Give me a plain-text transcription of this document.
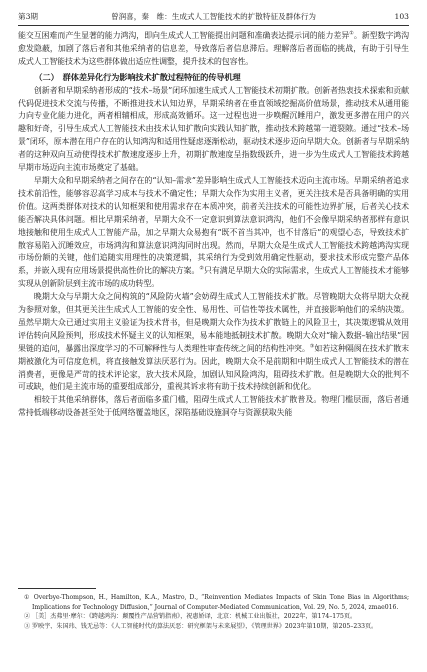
第3期	曾润喜，秦　维：生成式人工智能技术的扩散特征及群体行为	103

能交互困难而产生显著的能力鸿沟，即向生成式人工智能提出问题和准确表达提示词的能力差异①。新型数字鸿沟愈发隐蔽，加剧了落后者和其他采纳者的信息差，导致落后者信息滞后。理解落后者面临的挑战，有助于引导生成式人工智能技术为这些群体做出适应性调整，提升技术的包容性。

（二）　群体差异化行为影响技术扩散过程特征的传导机理

创新者和早期采纳者形成的“技术–场景”闭环加速生成式人工智能技术初期扩散。创新者热衷技术探索和贡献代码促进技术交流与传播，不断推进技术认知边界，早期采纳者在垂直领域挖掘高价值场景，推动技术从通用能力向专业化能力进化，两者相辅相成，形成高效循环。这一过程也进一步唤醒沉睡用户，激发更多潜在用户的兴趣和好奇，引导生成式人工智能技术由技术认知扩散向实践认知扩散，推动技术跨越第一道裂隙。通过“技术–场景”闭环，原本潜在用户存在的认知鸿沟和适用性疑虑逐渐松动，驱动技术逐步迈向早期大众。创新者与早期采纳者的这种双向互动使得技术扩散速度逐步上升，初期扩散速度呈指数级跃升，进一步为生成式人工智能技术跨越早期市场迈向主流市场奠定了基础。

早期大众和早期采纳者之间存在的“认知–需求”差异影响生成式人工智能技术迈向主流市场。早期采纳者追求技术前沿性，能够容忍高学习成本与技术不确定性；早期大众作为实用主义者，更关注技术是否具备明确的实用价值。这两类群体对技术的认知框架和使用需求存在本质冲突，前者关注技术的可能性边界扩展，后者关心技术能否解决具体问题。相比早期采纳者，早期大众不一定意识到算法意识鸿沟，他们不会像早期采纳者那样有意识地接触和使用生成式人工智能产品，加之早期大众易抱有“既不首当其冲，也不甘落后”的观望心态，导致技术扩散容易陷入沉睡效应，市场鸿沟和算法意识鸿沟同时出现。然而，早期大众是生成式人工智能技术跨越鸿沟实现市场份额的关键，他们追随实用理性的决策逻辑，其采纳行为受到效用确定性驱动，要求技术形成完整产品体系，并嵌入现有应用场景提供高性价比的解决方案。②只有满足早期大众的实际需求，生成式人工智能技术才能够实现从创新阶层到主流市场的成功转型。

晚期大众与早期大众之间构筑的“风险防火墙”会妨碍生成式人工智能技术扩散。尽管晚期大众将早期大众视为参照对象，但其更关注生成式人工智能的安全性、易用性、可信性等技术属性，并直接影响他们的采纳决策。虽然早期大众已通过实用主义验证为技术背书，但是晚期大众作为技术扩散链上的风险卫士，其决策逻辑从效用评估转向风险预判，形成技术怀疑主义的认知框架，易本能地抵制技术扩散。晚期大众对“输入数据–输出结果”因果链的追问，暴露出深度学习的不可解释性与人类理性审查传统之间的结构性冲突。③如若这种隔阂在技术扩散末期被激化为可信度危机，将直接触发算法厌恶行为。因此，晚期大众不是前期和中期生成式人工智能技术的潜在消费者，更像是严苛的技术评论家，放大技术风险，加剧认知风险鸿沟，阻碍技术扩散。但是晚期大众的批判不可或缺，他们是主流市场的重要组成部分，重视其诉求将有助于技术持续创新和优化。

相较于其他采纳群体，落后者面临多重门槛，阻碍生成式人工智能技术扩散普及。物理门槛层面，落后者通常持低端移动设备甚至处于低网络覆盖地区，深陷基础设施洞夺与资源获取失能

① Overbye-Thompson, H., Hamilton, K.A., Mastro, D., “Reinvention Mediates Impacts of Skin Tone Bias in Algorithms; Implications for Technology Diffusion,” Journal of Computer-Mediated Communication, Vol. 29, No. 5, 2024, zmae016.
② ［美］杰弗里·摩尔：《跨越鸿沟：颠覆性产品营销指南》，祝惠娇译，北京：机械工业出版社，2022年，第174–175页。
③ 罗映宇、朱国玮、钱无忌等：《人工智能时代的算法厌恶：研究框架与未来展望》，《管理世界》2023年第10期，第205–233页。
